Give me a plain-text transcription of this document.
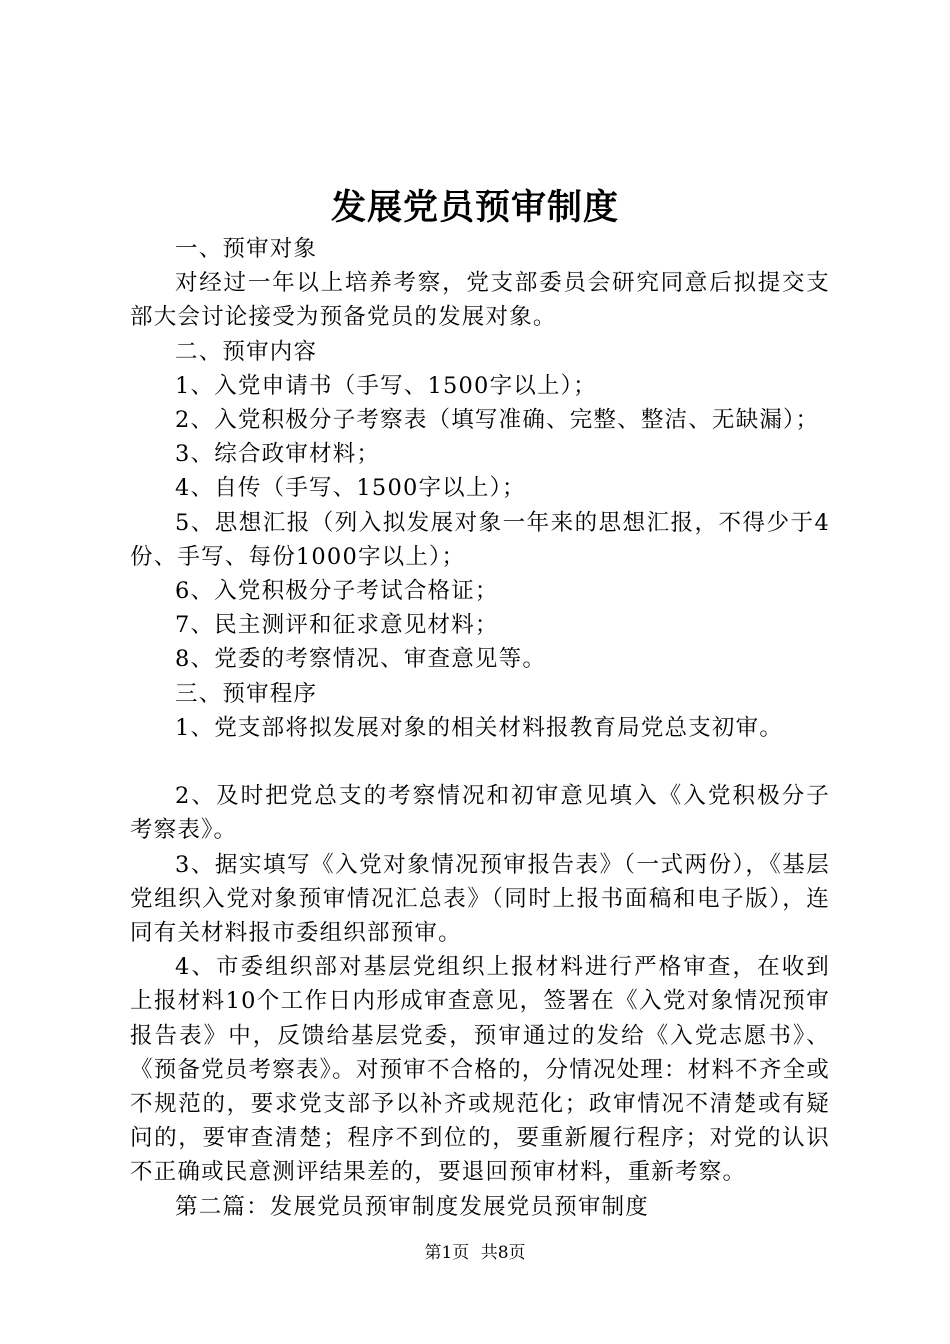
发展党员预审制度

一、预审对象

对经过一年以上培养考察，党支部委员会研究同意后拟提交支部大会讨论接受为预备党员的发展对象。

二、预审内容

1、入党申请书（手写、1500字以上）；

2、入党积极分子考察表（填写准确、完整、整洁、无缺漏）；

3、综合政审材料；

4、自传（手写、1500字以上）；

5、思想汇报（列入拟发展对象一年来的思想汇报，不得少于4份、手写、每份1000字以上）；

6、入党积极分子考试合格证；

7、民主测评和征求意见材料；

8、党委的考察情况、审查意见等。

三、预审程序

1、党支部将拟发展对象的相关材料报教育局党总支初审。

2、及时把党总支的考察情况和初审意见填入《入党积极分子考察表》。

3、据实填写《入党对象情况预审报告表》（一式两份），《基层党组织入党对象预审情况汇总表》（同时上报书面稿和电子版），连同有关材料报市委组织部预审。

4、市委组织部对基层党组织上报材料进行严格审查，在收到上报材料10个工作日内形成审查意见，签署在《入党对象情况预审报告表》中，反馈给基层党委，预审通过的发给《入党志愿书》、《预备党员考察表》。对预审不合格的，分情况处理：材料不齐全或不规范的，要求党支部予以补齐或规范化；政审情况不清楚或有疑问的，要审查清楚；程序不到位的，要重新履行程序；对党的认识不正确或民意测评结果差的，要退回预审材料，重新考察。

第二篇：发展党员预审制度发展党员预审制度

第1页 共8页
